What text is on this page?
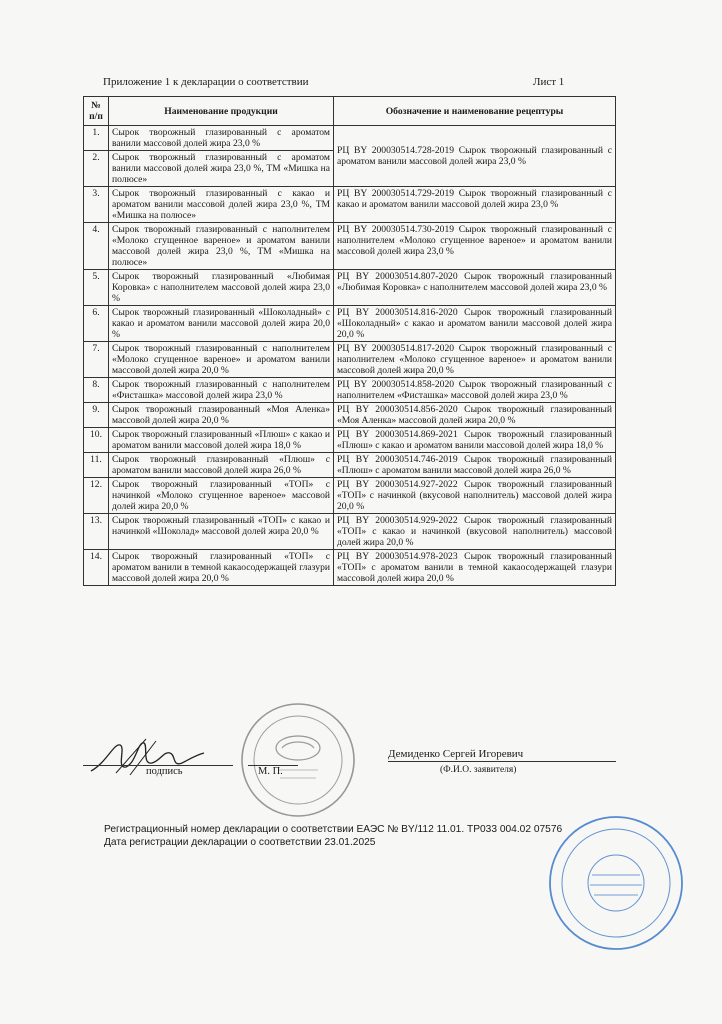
Приложение 1 к декларации о соответствии	Лист 1
№ п/п	Наименование продукции	Обозначение и наименование рецептуры
1.	Сырок творожный глазированный с ароматом ванили массовой долей жира 23,0 %	РЦ BY 200030514.728-2019 Сырок творожный глазированный с ароматом ванили массовой долей жира 23,0 %
2.	Сырок творожный глазированный с ароматом ванили массовой долей жира 23,0 %, ТМ «Мишка на полюсе»	
3.	Сырок творожный глазированный с какао и ароматом ванили массовой долей жира 23,0 %, ТМ «Мишка на полюсе»	РЦ BY 200030514.729-2019 Сырок творожный глазированный с какао и ароматом ванили массовой долей жира 23,0 %
4.	Сырок творожный глазированный с наполнителем «Молоко сгущенное вареное» и ароматом ванили массовой долей жира 23,0 %, ТМ «Мишка на полюсе»	РЦ BY 200030514.730-2019 Сырок творожный глазированный с наполнителем «Молоко сгущенное вареное» и ароматом ванили массовой долей жира 23,0 %
5.	Сырок творожный глазированный «Любимая Коровка» с наполнителем массовой долей жира 23,0 %	РЦ BY 200030514.807-2020 Сырок творожный глазированный «Любимая Коровка» с наполнителем массовой долей жира 23,0 %
6.	Сырок творожный глазированный «Шоколадный» с какао и ароматом ванили массовой долей жира 20,0 %	РЦ BY 200030514.816-2020 Сырок творожный глазированный «Шоколадный» с какао и ароматом ванили массовой долей жира 20,0 %
7.	Сырок творожный глазированный с наполнителем «Молоко сгущенное вареное» и ароматом ванили массовой долей жира 20,0 %	РЦ BY 200030514.817-2020 Сырок творожный глазированный с наполнителем «Молоко сгущенное вареное» и ароматом ванили массовой долей жира 20,0 %
8.	Сырок творожный глазированный с наполнителем «Фисташка» массовой долей жира 23,0 %	РЦ BY 200030514.858-2020 Сырок творожный глазированный с наполнителем «Фисташка» массовой долей жира 23,0 %
9.	Сырок творожный глазированный «Моя Аленка» массовой долей жира 20,0 %	РЦ BY 200030514.856-2020 Сырок творожный глазированный «Моя Аленка» массовой долей жира 20,0 %
10.	Сырок творожный глазированный «Плюш» с какао и ароматом ванили массовой долей жира 18,0 %	РЦ BY 200030514.869-2021 Сырок творожный глазированный «Плюш» с какао и ароматом ванили массовой долей жира 18,0 %
11.	Сырок творожный глазированный «Плюш» с ароматом ванили массовой долей жира 26,0 %	РЦ BY 200030514.746-2019 Сырок творожный глазированный «Плюш» с ароматом ванили массовой долей жира 26,0 %
12.	Сырок творожный глазированный «ТОП» с начинкой «Молоко сгущенное вареное» массовой долей жира 20,0 %	РЦ BY 200030514.927-2022 Сырок творожный глазированный «ТОП» с начинкой (вкусовой наполнитель) массовой долей жира 20,0 %
13.	Сырок творожный глазированный «ТОП» с какао и начинкой «Шоколад» массовой долей жира 20,0 %	РЦ BY 200030514.929-2022 Сырок творожный глазированный «ТОП» с какао и начинкой (вкусовой наполнитель) массовой долей жира 20,0 %
14.	Сырок творожный глазированный «ТОП» с ароматом ванили в темной какаосодержащей глазури массовой долей жира 20,0 %	РЦ BY 200030514.978-2023 Сырок творожный глазированный «ТОП» с ароматом ванили в темной какаосодержащей глазури массовой долей жира 20,0 %
подпись	М. П.
Демиденко Сергей Игоревич
(Ф.И.О. заявителя)
Регистрационный номер декларации о соответствии ЕАЭС № BY/112 11.01. ТР033 004.02 07576
Дата регистрации декларации о соответствии 23.01.2025
